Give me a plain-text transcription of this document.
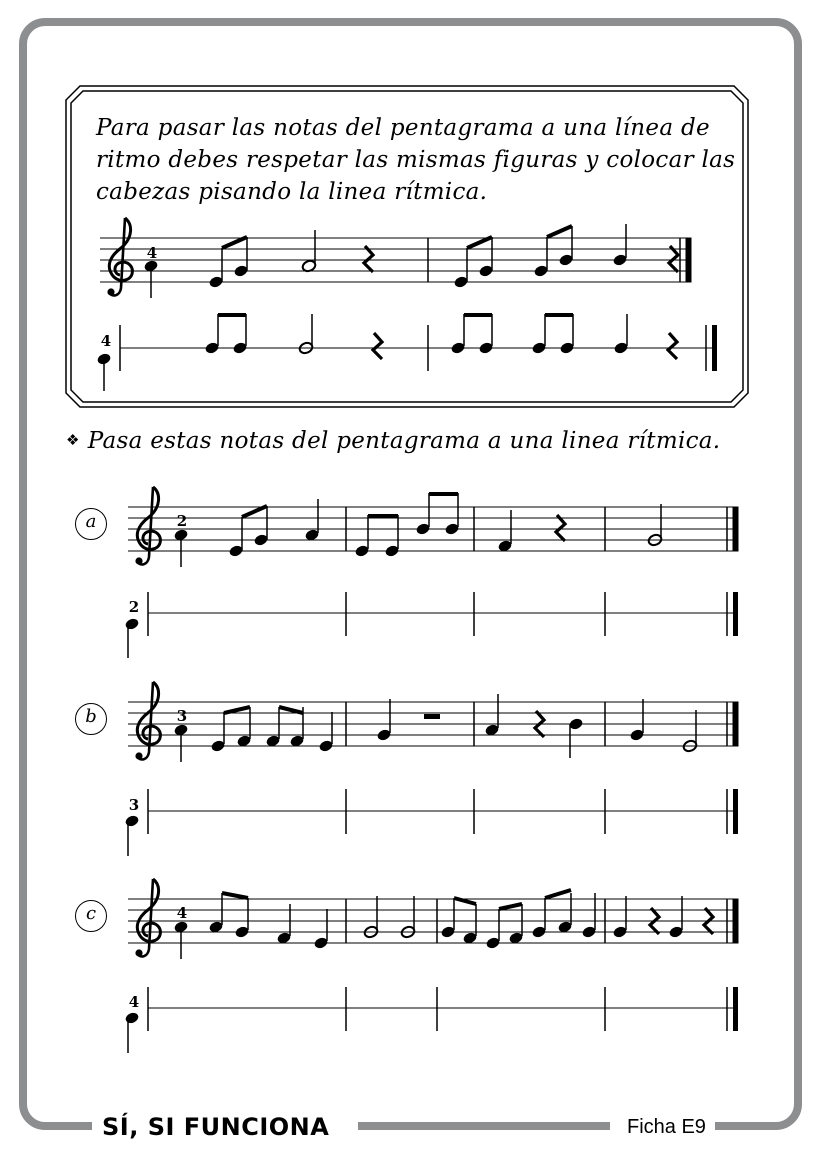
4
4
2
2
3
3
4
4
Para pasar las notas del pentagrama a una línea de
ritmo debes respetar las mismas figuras y colocar las
cabezas pisando la linea rítmica.
❖ Pasa estas notas del pentagrama a una linea rítmica.
a
b
c
SÍ, SI FUNCIONA	Ficha E9
